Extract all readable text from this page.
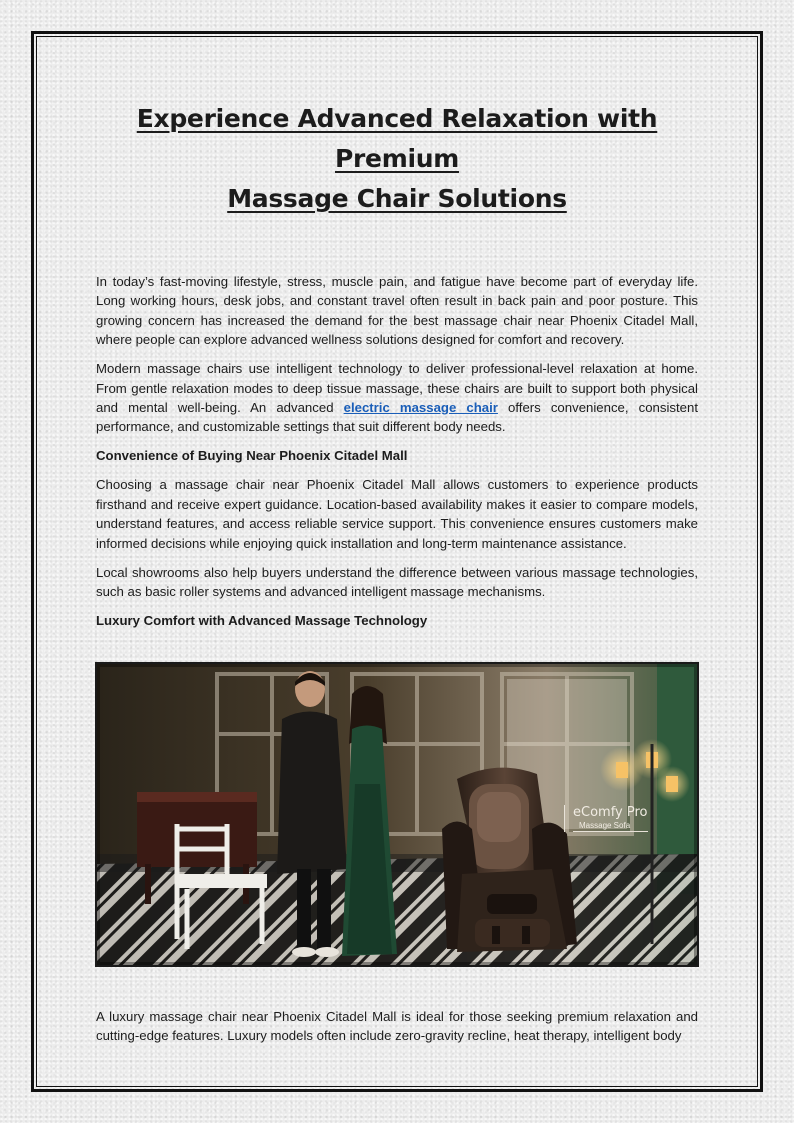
Experience Advanced Relaxation with Premium
Massage Chair Solutions

In today’s fast-moving lifestyle, stress, muscle pain, and fatigue have become part of everyday life. Long working hours, desk jobs, and constant travel often result in back pain and poor posture. This growing concern has increased the demand for the best massage chair near Phoenix Citadel Mall, where people can explore advanced wellness solutions designed for comfort and recovery.

Modern massage chairs use intelligent technology to deliver professional-level relaxation at home. From gentle relaxation modes to deep tissue massage, these chairs are built to support both physical and mental well-being. An advanced electric massage chair offers convenience, consistent performance, and customizable settings that suit different body needs.

Convenience of Buying Near Phoenix Citadel Mall

Choosing a massage chair near Phoenix Citadel Mall allows customers to experience products firsthand and receive expert guidance. Location-based availability makes it easier to compare models, understand features, and access reliable service support. This convenience ensures customers make informed decisions while enjoying quick installation and long-term maintenance assistance.

Local showrooms also help buyers understand the difference between various massage technologies, such as basic roller systems and advanced intelligent massage mechanisms.

Luxury Comfort with Advanced Massage Technology
eComfy Pro
Massage Sofa

A luxury massage chair near Phoenix Citadel Mall is ideal for those seeking premium relaxation and cutting-edge features. Luxury models often include zero-gravity recline, heat therapy, intelligent body
